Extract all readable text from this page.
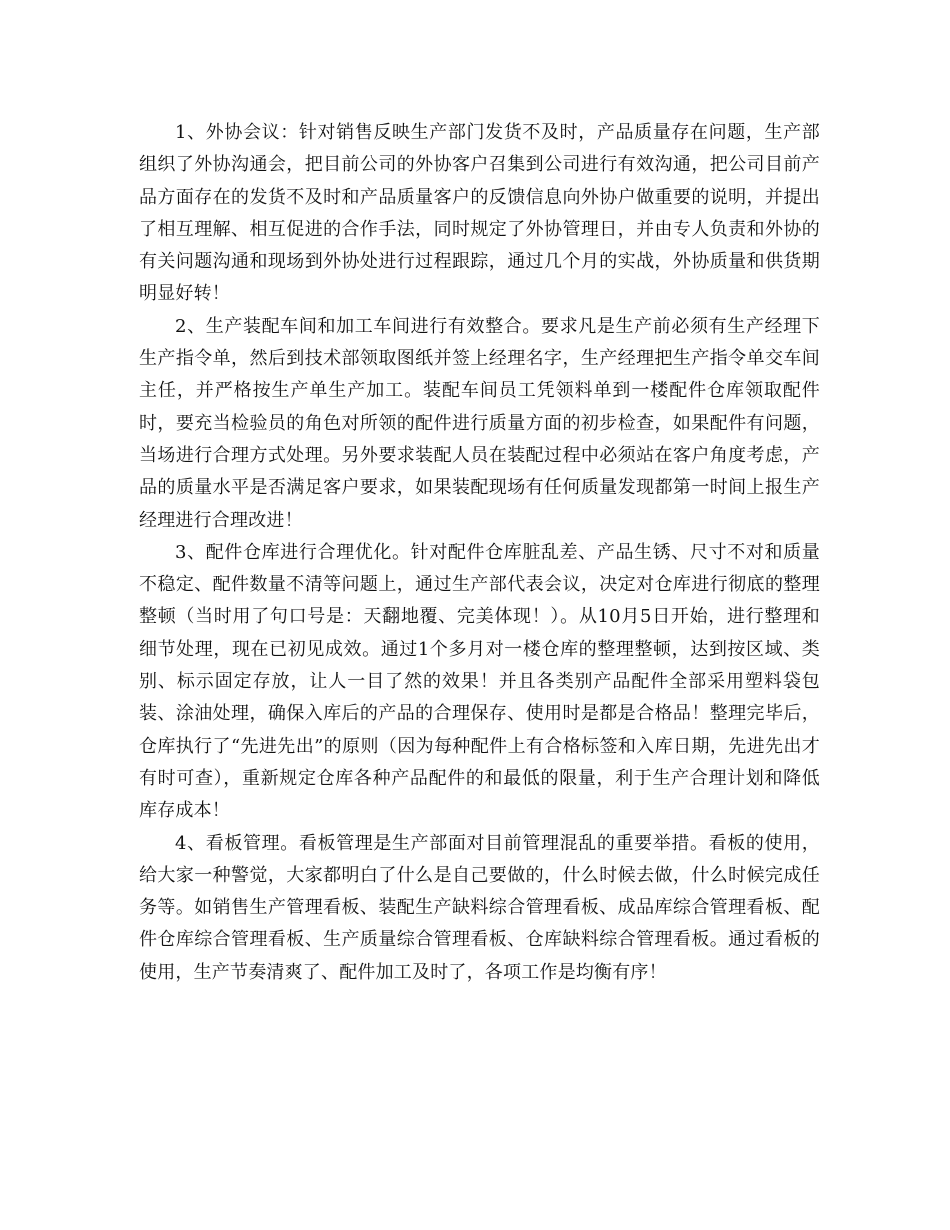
1、外协会议：针对销售反映生产部门发货不及时，产品质量存在问题，生产部组织了外协沟通会，把目前公司的外协客户召集到公司进行有效沟通，把公司目前产品方面存在的发货不及时和产品质量客户的反馈信息向外协户做重要的说明，并提出了相互理解、相互促进的合作手法，同时规定了外协管理日，并由专人负责和外协的有关问题沟通和现场到外协处进行过程跟踪，通过几个月的实战，外协质量和供货期明显好转！

2、生产装配车间和加工车间进行有效整合。要求凡是生产前必须有生产经理下生产指令单，然后到技术部领取图纸并签上经理名字，生产经理把生产指令单交车间主任，并严格按生产单生产加工。装配车间员工凭领料单到一楼配件仓库领取配件时，要充当检验员的角色对所领的配件进行质量方面的初步检查，如果配件有问题，当场进行合理方式处理。另外要求装配人员在装配过程中必须站在客户角度考虑，产品的质量水平是否满足客户要求，如果装配现场有任何质量发现都第一时间上报生产经理进行合理改进！

3、配件仓库进行合理优化。针对配件仓库脏乱差、产品生锈、尺寸不对和质量不稳定、配件数量不清等问题上，通过生产部代表会议，决定对仓库进行彻底的整理整顿（当时用了句口号是：天翻地覆、完美体现！）。从10月5日开始，进行整理和细节处理，现在已初见成效。通过1个多月对一楼仓库的整理整顿，达到按区域、类别、标示固定存放，让人一目了然的效果！并且各类别产品配件全部采用塑料袋包装、涂油处理，确保入库后的产品的合理保存、使用时是都是合格品！整理完毕后，仓库执行了“先进先出”的原则（因为每种配件上有合格标签和入库日期，先进先出才有时可查），重新规定仓库各种产品配件的和最低的限量，利于生产合理计划和降低库存成本！

4、看板管理。看板管理是生产部面对目前管理混乱的重要举措。看板的使用，给大家一种警觉，大家都明白了什么是自己要做的，什么时候去做，什么时候完成任务等。如销售生产管理看板、装配生产缺料综合管理看板、成品库综合管理看板、配件仓库综合管理看板、生产质量综合管理看板、仓库缺料综合管理看板。通过看板的使用，生产节奏清爽了、配件加工及时了，各项工作是均衡有序！
